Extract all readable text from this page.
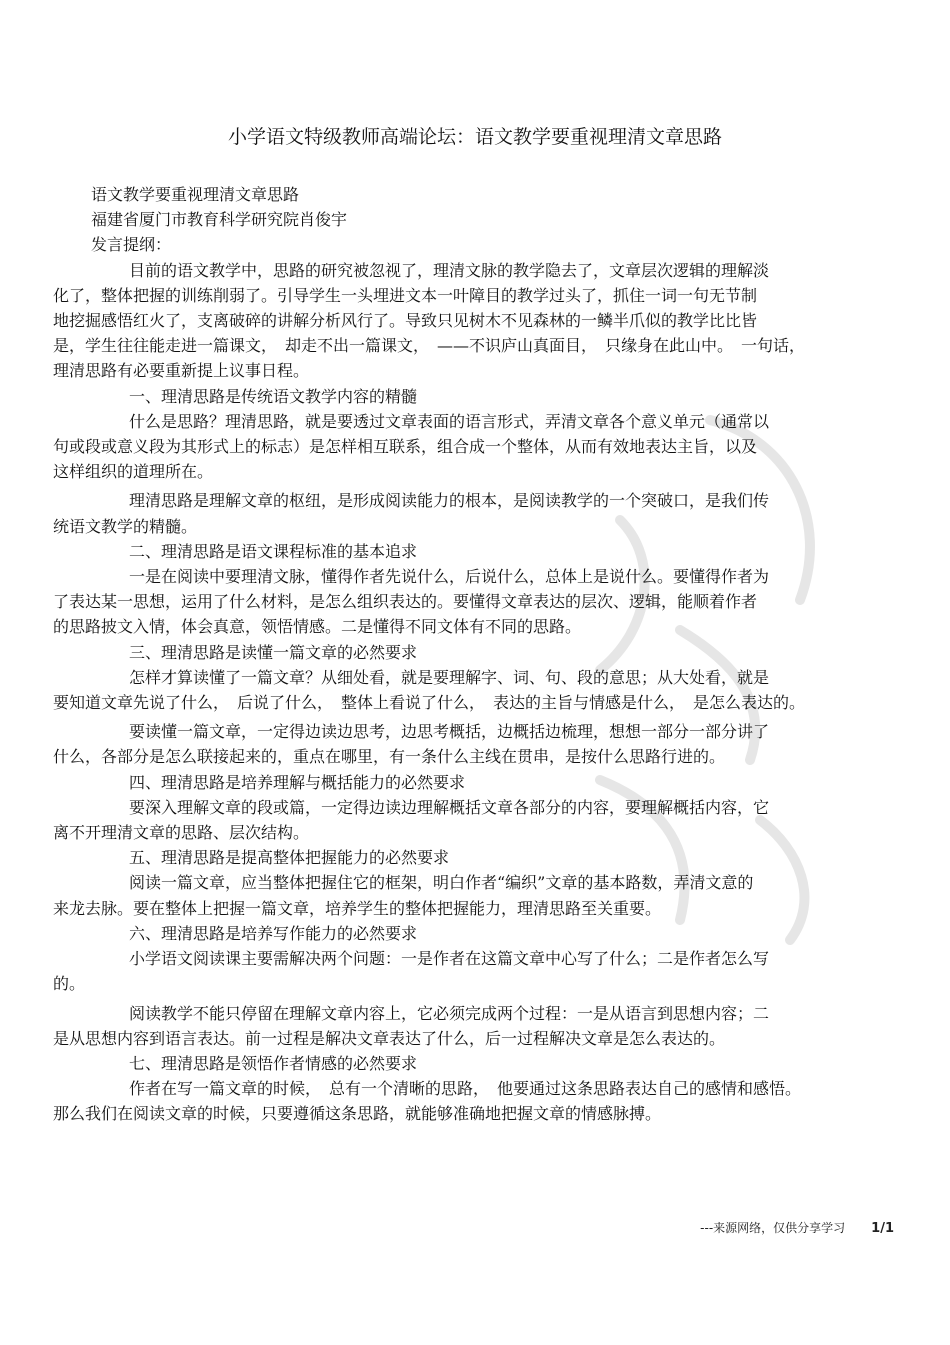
小学语文特级教师高端论坛：语文教学要重视理清文章思路

语文教学要重视理清文章思路

福建省厦门市教育科学研究院肖俊宇

发言提纲：

目前的语文教学中，思路的研究被忽视了，理清文脉的教学隐去了，文章层次逻辑的理解淡

化了，整体把握的训练削弱了。引导学生一头埋进文本一叶障目的教学过头了，抓住一词一句无节制

地挖掘感悟红火了，支离破碎的讲解分析风行了。导致只见树木不见森林的一鳞半爪似的教学比比皆

是，学生往往能走进一篇课文，　却走不出一篇课文，　——不识庐山真面目，　只缘身在此山中。　一句话，

理清思路有必要重新提上议事日程。

一、理清思路是传统语文教学内容的精髓

什么是思路？理清思路，就是要透过文章表面的语言形式，弄清文章各个意义单元（通常以

句或段或意义段为其形式上的标志）是怎样相互联系，组合成一个整体，从而有效地表达主旨，以及

这样组织的道理所在。

理清思路是理解文章的枢纽，是形成阅读能力的根本，是阅读教学的一个突破口，是我们传

统语文教学的精髓。

二、理清思路是语文课程标准的基本追求

一是在阅读中要理清文脉，懂得作者先说什么，后说什么，总体上是说什么。要懂得作者为

了表达某一思想，运用了什么材料，是怎么组织表达的。要懂得文章表达的层次、逻辑，能顺着作者

的思路披文入情，体会真意，领悟情感。二是懂得不同文体有不同的思路。

三、理清思路是读懂一篇文章的必然要求

怎样才算读懂了一篇文章？从细处看，就是要理解字、词、句、段的意思；从大处看，就是

要知道文章先说了什么，　后说了什么，　整体上看说了什么，　表达的主旨与情感是什么，　是怎么表达的。

要读懂一篇文章，一定得边读边思考，边思考概括，边概括边梳理，想想一部分一部分讲了

什么，各部分是怎么联接起来的，重点在哪里，有一条什么主线在贯串，是按什么思路行进的。

四、理清思路是培养理解与概括能力的必然要求

要深入理解文章的段或篇，一定得边读边理解概括文章各部分的内容，要理解概括内容，它

离不开理清文章的思路、层次结构。

五、理清思路是提高整体把握能力的必然要求

阅读一篇文章，应当整体把握住它的框架，明白作者“编织”文章的基本路数，弄清文意的

来龙去脉。要在整体上把握一篇文章，培养学生的整体把握能力，理清思路至关重要。

六、理清思路是培养写作能力的必然要求

小学语文阅读课主要需解决两个问题：一是作者在这篇文章中心写了什么；二是作者怎么写

的。

阅读教学不能只停留在理解文章内容上，它必须完成两个过程：一是从语言到思想内容；二

是从思想内容到语言表达。前一过程是解决文章表达了什么，后一过程解决文章是怎么表达的。

七、理清思路是领悟作者情感的必然要求

作者在写一篇文章的时候，　总有一个清晰的思路，　他要通过这条思路表达自己的感情和感悟。

那么我们在阅读文章的时候，只要遵循这条思路，就能够准确地把握文章的情感脉搏。

---来源网络，仅供分享学习 1/1
